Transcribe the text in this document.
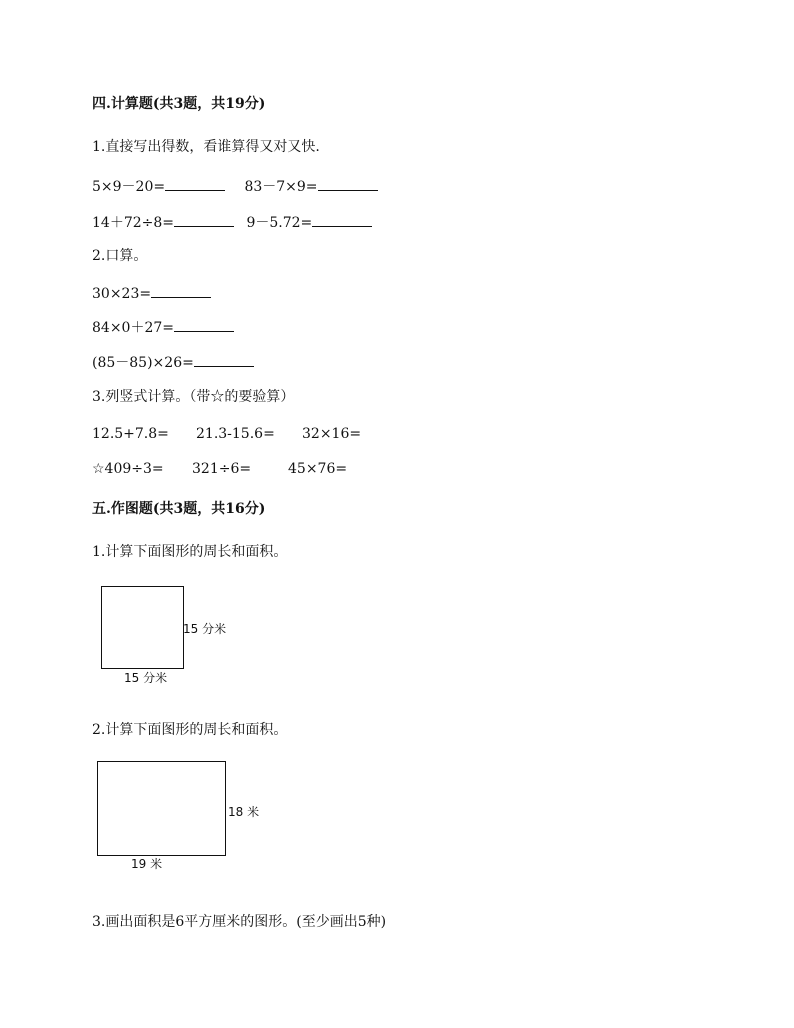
四.计算题(共3题，共19分)
1.直接写出得数，看谁算得又对又快.
5×9－20=	83－7×9=
14＋72÷8=	9－5.72=
2.口算。
30×23=
84×0＋27=
(85－85)×26=
3.列竖式计算。（带☆的要验算）
12.5+7.8= 21.3-15.6= 32×16=
☆409÷3= 321÷6=	45×76=
五.作图题(共3题，共16分)
1.计算下面图形的周长和面积。
15 分米
15 分米
2.计算下面图形的周长和面积。
18 米
19 米
3.画出面积是6平方厘米的图形。(至少画出5种)
